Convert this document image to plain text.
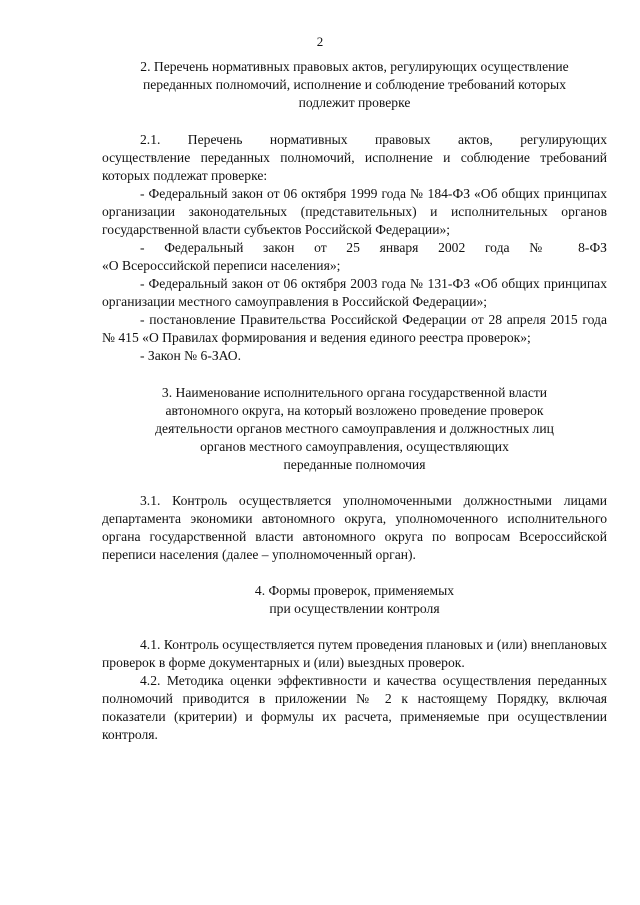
2
2. Перечень нормативных правовых актов, регулирующих осуществление
переданных полномочий, исполнение и соблюдение требований которых
подлежит проверке
2.1. Перечень нормативных правовых актов, регулирующих
осуществление переданных полномочий, исполнение и соблюдение требований которых подлежат проверке:
- Федеральный закон от 06 октября 1999 года № 184-ФЗ «Об общих принципах организации законодательных (представительных) и исполнительных органов государственной власти субъектов Российской Федерации»;
- Федеральный закон от 25 января 2002 года № 8-ФЗ
«О Всероссийской переписи населения»;
- Федеральный закон от 06 октября 2003 года № 131-ФЗ «Об общих принципах организации местного самоуправления в Российской Федерации»;
- постановление Правительства Российской Федерации от 28 апреля 2015 года № 415 «О Правилах формирования и ведения единого реестра проверок»;
- Закон № 6-ЗАО.
3. Наименование исполнительного органа государственной власти
автономного округа, на который возложено проведение проверок
деятельности органов местного самоуправления и должностных лиц
органов местного самоуправления, осуществляющих
переданные полномочия
3.1. Контроль осуществляется уполномоченными должностными лицами департамента экономики автономного округа, уполномоченного исполнительного органа государственной власти автономного округа по вопросам Всероссийской переписи населения (далее – уполномоченный орган).
4. Формы проверок, применяемых
при осуществлении контроля
4.1. Контроль осуществляется путем проведения плановых и (или) внеплановых проверок в форме документарных и (или) выездных проверок.
4.2. Методика оценки эффективности и качества осуществления переданных полномочий приводится в приложении № 2 к настоящему Порядку, включая показатели (критерии) и формулы их расчета, применяемые при осуществлении контроля.
